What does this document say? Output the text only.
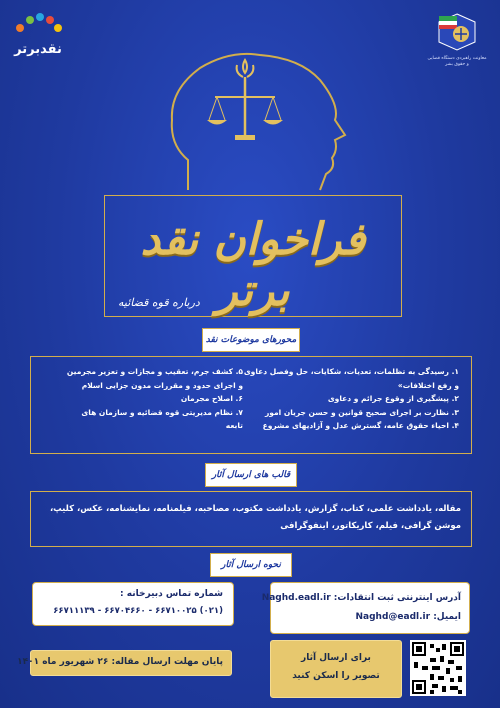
نقدبرتر
معاونت راهبردی دستگاه قضایی و حقوق بشر
فراخوان نقد برتر
درباره قوه قضائیه
محورهای موضوعات نقد
۱. رسیدگی به تظلمات، تعدیات، شکایات، حل وفصل دعاوی
و رفع اختلافات»
۲. پیشگیری از وقوع جرائم و دعاوی
۳. نظارت بر اجرای صحیح قوانین و حسن جریان امور
۴. احیاء حقوق عامه، گسترش عدل و آزادیهای مشروع
۵. کشف جرم، تعقیب و مجازات و تعزیر مجرمین
و اجرای حدود و مقررات مدون جزایی اسلام
۶. اصلاح مجرمان
۷. نظام مدیریتی قوه قضائیه و سازمان های
تابعه
قالب های ارسال آثار
مقاله، یادداشت علمی، کتاب، گزارش، یادداشت مکتوب، مصاحبه، فیلمنامه، نمایشنامه، عکس، کلیپ،
موشن گرافی، فیلم، کاریکاتور، اینفوگرافی
نحوه ارسال آثار
آدرس اینترنتی ثبت انتقادات: Naghd.eadl.ir
ایمیل: Naghd@eadl.ir
شماره تماس دبیرخانه :
(۰۲۱) ۶۶۷۱۰۰۲۵ - ۶۶۷۰۴۶۶۰ - ۶۶۷۱۱۱۳۹
پایان مهلت ارسال مقاله: ۲۶ شهریور ماه ۱۴۰۱	برای ارسال آثار
تصویر را اسکن کنید
